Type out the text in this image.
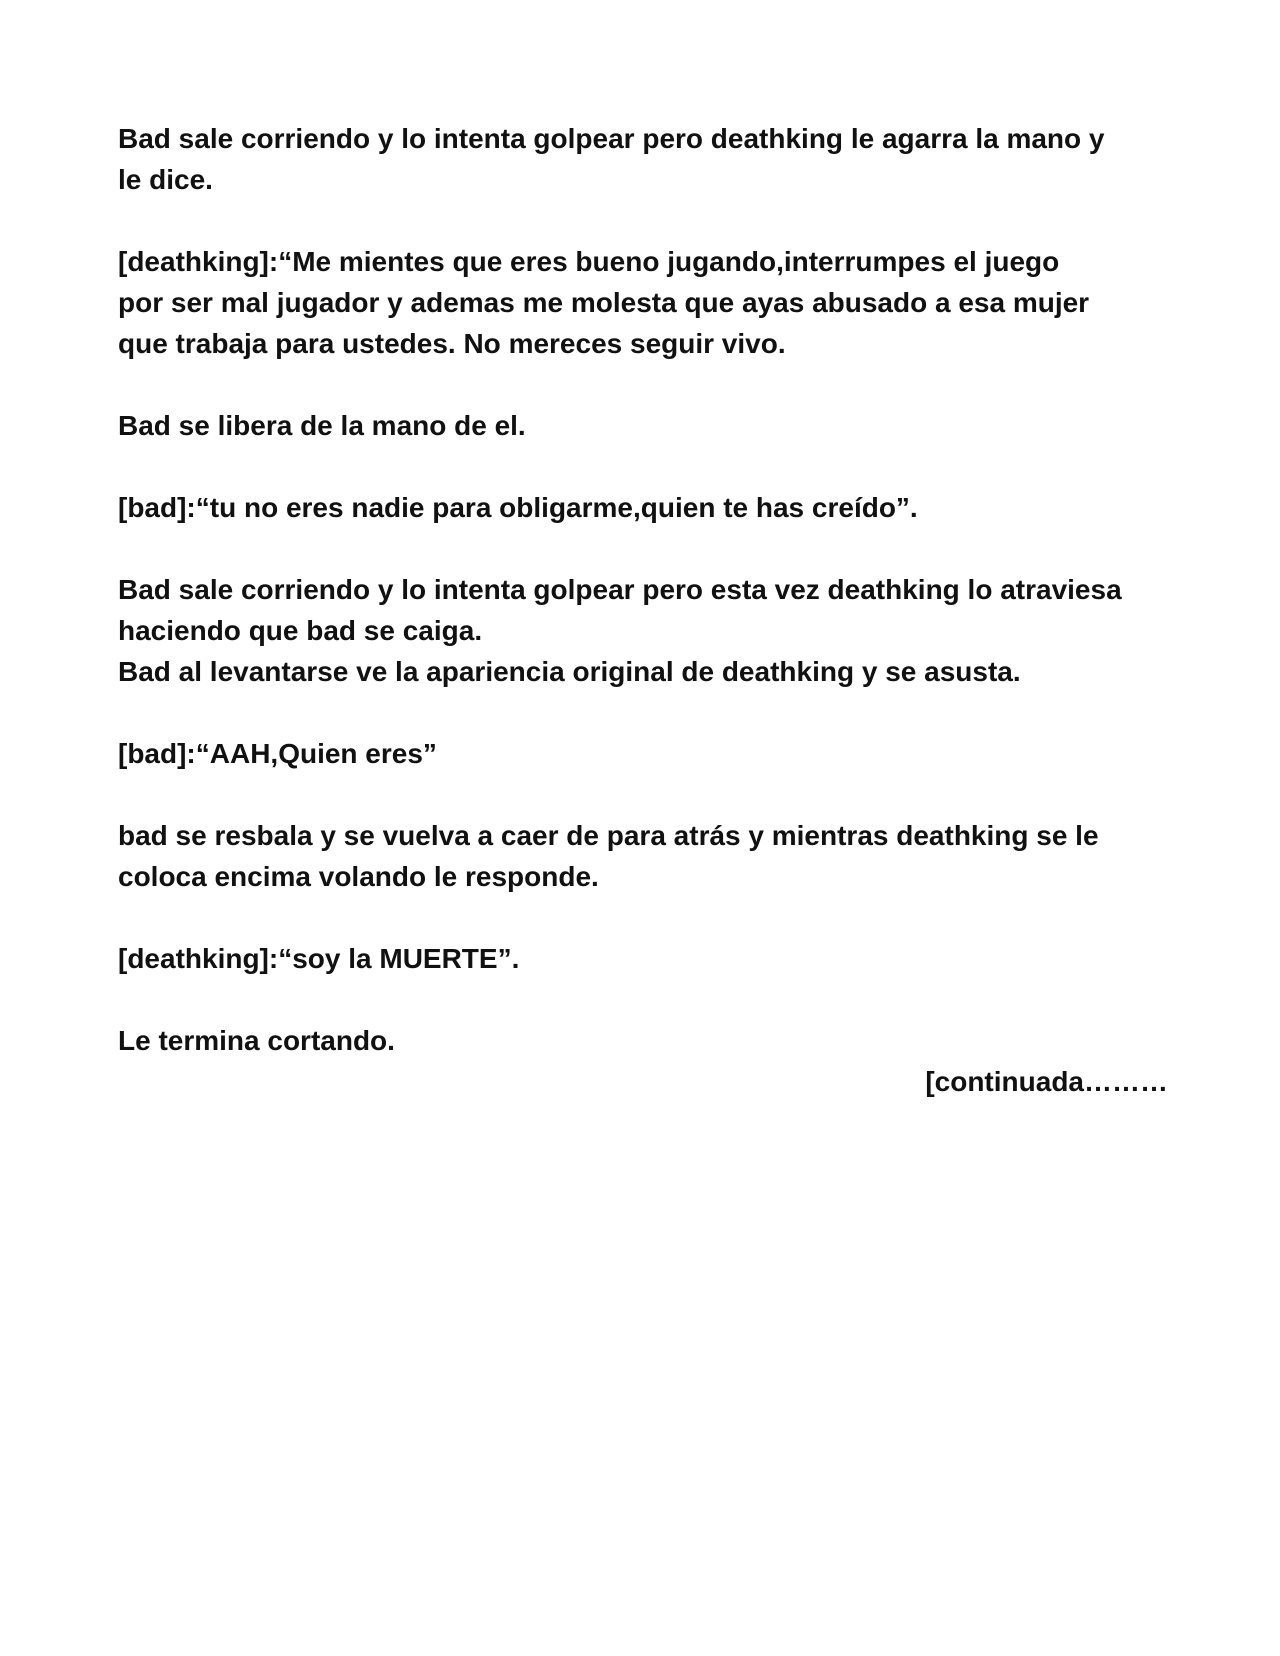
Bad sale corriendo y lo intenta golpear pero deathking le agarra la mano y
le dice.

[deathking]:“Me mientes que eres bueno jugando,interrumpes el juego
por ser mal jugador y ademas me molesta que ayas abusado a esa mujer
que trabaja para ustedes. No mereces seguir vivo.

Bad se libera de la mano de el.

[bad]:“tu no eres nadie para obligarme,quien te has creído”.

Bad sale corriendo y lo intenta golpear pero esta vez deathking lo atraviesa
haciendo que bad se caiga.
Bad al levantarse ve la apariencia original de deathking y se asusta.

[bad]:“AAH,Quien eres”

bad se resbala y se vuelva a caer de para atrás y mientras deathking se le
coloca encima volando le responde.

[deathking]:“soy la MUERTE”.

Le termina cortando.

[continuada………
